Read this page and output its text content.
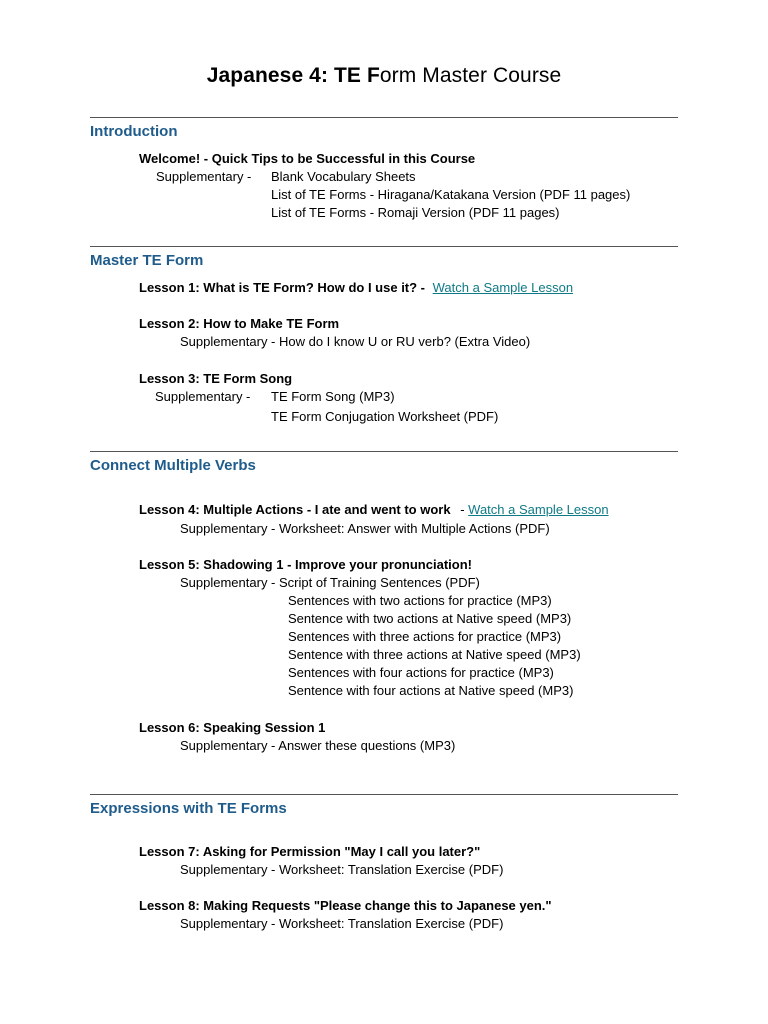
Japanese 4: TE Form Master Course
Introduction
Welcome! - Quick Tips to be Successful in this Course
Supplementary - Blank Vocabulary Sheets
List of TE Forms - Hiragana/Katakana Version (PDF 11 pages)
List of TE Forms - Romaji Version (PDF 11 pages)
Master TE Form
Lesson 1: What is TE Form? How do I use it? - Watch a Sample Lesson
Lesson 2: How to Make TE Form
Supplementary - How do I know U or RU verb? (Extra Video)
Lesson 3: TE Form Song
Supplementary - TE Form Song (MP3)
TE Form Conjugation Worksheet (PDF)
Connect Multiple Verbs
Lesson 4: Multiple Actions - I ate and went to work - Watch a Sample Lesson
Supplementary - Worksheet: Answer with Multiple Actions (PDF)
Lesson 5: Shadowing 1 - Improve your pronunciation!
Supplementary - Script of Training Sentences (PDF)
Sentences with two actions for practice (MP3)
Sentence with two actions at Native speed (MP3)
Sentences with three actions for practice (MP3)
Sentence with three actions at Native speed (MP3)
Sentences with four actions for practice (MP3)
Sentence with four actions at Native speed (MP3)
Lesson 6: Speaking Session 1
Supplementary - Answer these questions (MP3)
Expressions with TE Forms
Lesson 7: Asking for Permission "May I call you later?"
Supplementary - Worksheet: Translation Exercise (PDF)
Lesson 8: Making Requests "Please change this to Japanese yen."
Supplementary - Worksheet: Translation Exercise (PDF)
